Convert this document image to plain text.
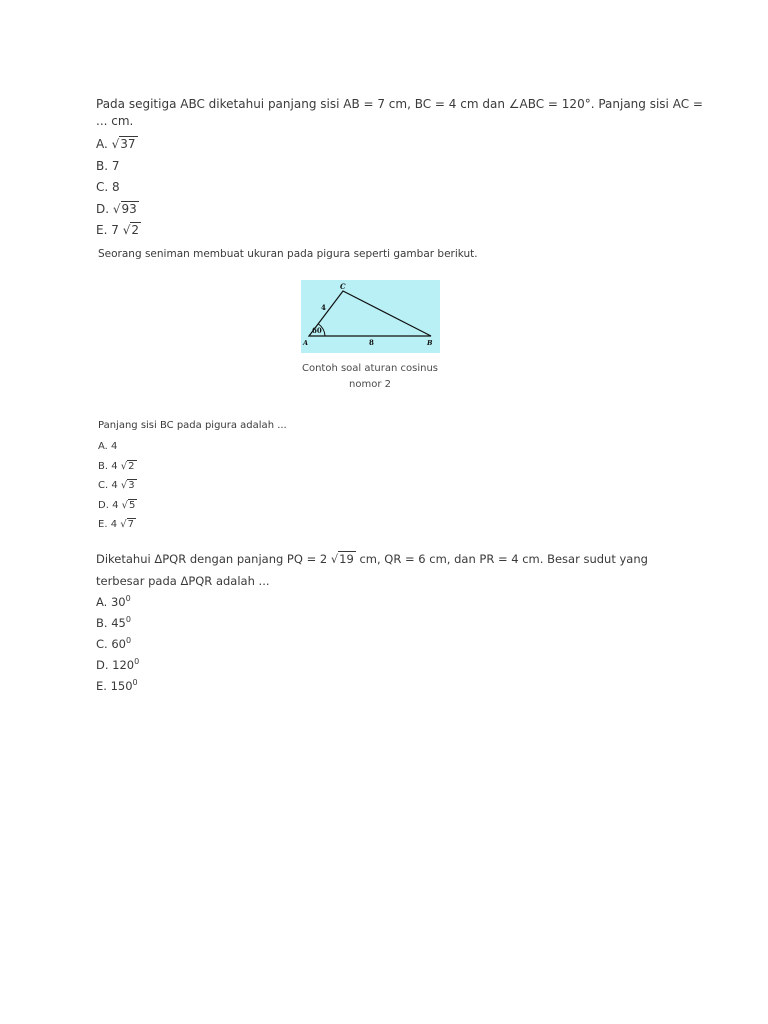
Pada segitiga ABC diketahui panjang sisi AB = 7 cm, BC = 4 cm dan ∠ABC = 120°. Panjang sisi AC = ... cm.
A. √37
B. 7
C. 8
D. √93
E. 7 √2
Seorang seniman membuat ukuran pada pigura seperti gambar berikut.
60
C
A	B
4
8
Contoh soal aturan cosinus
nomor 2
Panjang sisi BC pada pigura adalah ...
A. 4
B. 4 √2
C. 4 √3
D. 4 √5
E. 4 √7
Diketahui ΔPQR dengan panjang PQ = 2 √19 cm, QR = 6 cm, dan PR = 4 cm. Besar sudut yang terbesar pada ΔPQR adalah ...
A. $30^0$
B. $45^0$
C. $60^0$
D. $120^0$
E. $150^0$
